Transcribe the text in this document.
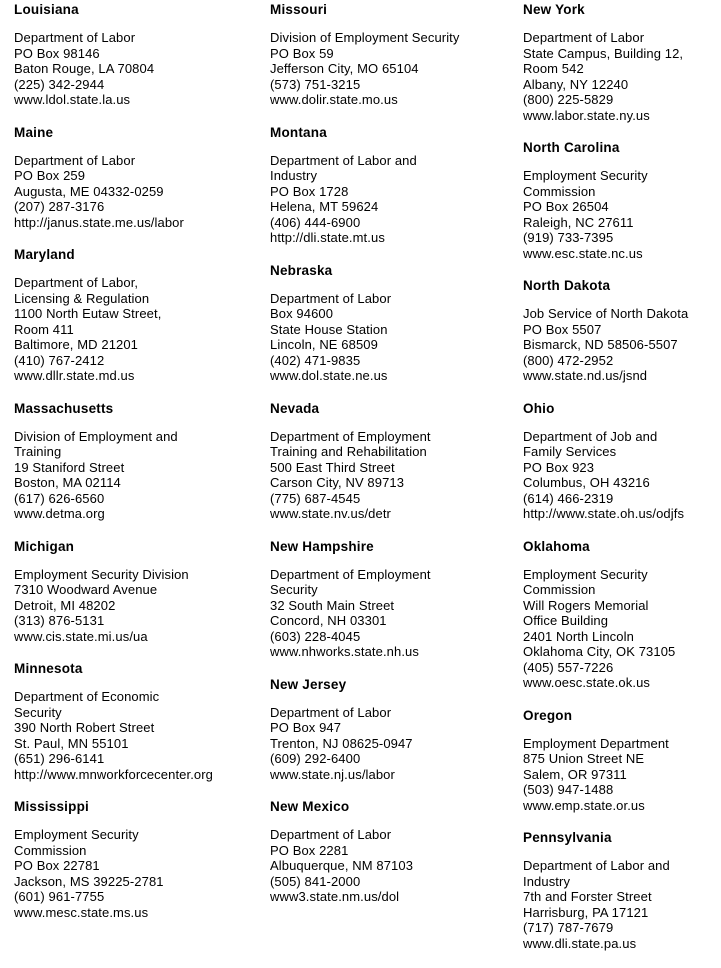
Louisiana
Department of Labor
PO Box 98146
Baton Rouge, LA 70804
(225) 342-2944
www.ldol.state.la.us
Maine
Department of Labor
PO Box 259
Augusta, ME 04332-0259
(207) 287-3176
http://janus.state.me.us/labor
Maryland
Department of Labor,
Licensing & Regulation
1100 North Eutaw Street,
Room 411
Baltimore, MD 21201
(410) 767-2412
www.dllr.state.md.us
Massachusetts
Division of Employment and
Training
19 Staniford Street
Boston, MA 02114
(617) 626-6560
www.detma.org
Michigan
Employment Security Division
7310 Woodward Avenue
Detroit, MI 48202
(313) 876-5131
www.cis.state.mi.us/ua
Minnesota
Department of Economic
Security
390 North Robert Street
St. Paul, MN 55101
(651) 296-6141
http://www.mnworkforcecenter.org
Mississippi
Employment Security
Commission
PO Box 22781
Jackson, MS 39225-2781
(601) 961-7755
www.mesc.state.ms.us
Missouri
Division of Employment Security
PO Box 59
Jefferson City, MO 65104
(573) 751-3215
www.dolir.state.mo.us
Montana
Department of Labor and
Industry
PO Box 1728
Helena, MT 59624
(406) 444-6900
http://dli.state.mt.us
Nebraska
Department of Labor
Box 94600
State House Station
Lincoln, NE 68509
(402) 471-9835
www.dol.state.ne.us
Nevada
Department of Employment
Training and Rehabilitation
500 East Third Street
Carson City, NV 89713
(775) 687-4545
www.state.nv.us/detr
New Hampshire
Department of Employment
Security
32 South Main Street
Concord, NH 03301
(603) 228-4045
www.nhworks.state.nh.us
New Jersey
Department of Labor
PO Box 947
Trenton, NJ 08625-0947
(609) 292-6400
www.state.nj.us/labor
New Mexico
Department of Labor
PO Box 2281
Albuquerque, NM 87103
(505) 841-2000
www3.state.nm.us/dol
New York
Department of Labor
State Campus, Building 12,
Room 542
Albany, NY 12240
(800) 225-5829
www.labor.state.ny.us
North Carolina
Employment Security
Commission
PO Box 26504
Raleigh, NC 27611
(919) 733-7395
www.esc.state.nc.us
North Dakota
Job Service of North Dakota
PO Box 5507
Bismarck, ND 58506-5507
(800) 472-2952
www.state.nd.us/jsnd
Ohio
Department of Job and
Family Services
PO Box 923
Columbus, OH 43216
(614) 466-2319
http://www.state.oh.us/odjfs
Oklahoma
Employment Security
Commission
Will Rogers Memorial
Office Building
2401 North Lincoln
Oklahoma City, OK 73105
(405) 557-7226
www.oesc.state.ok.us
Oregon
Employment Department
875 Union Street NE
Salem, OR 97311
(503) 947-1488
www.emp.state.or.us
Pennsylvania
Department of Labor and
Industry
7th and Forster Street
Harrisburg, PA 17121
(717) 787-7679
www.dli.state.pa.us
